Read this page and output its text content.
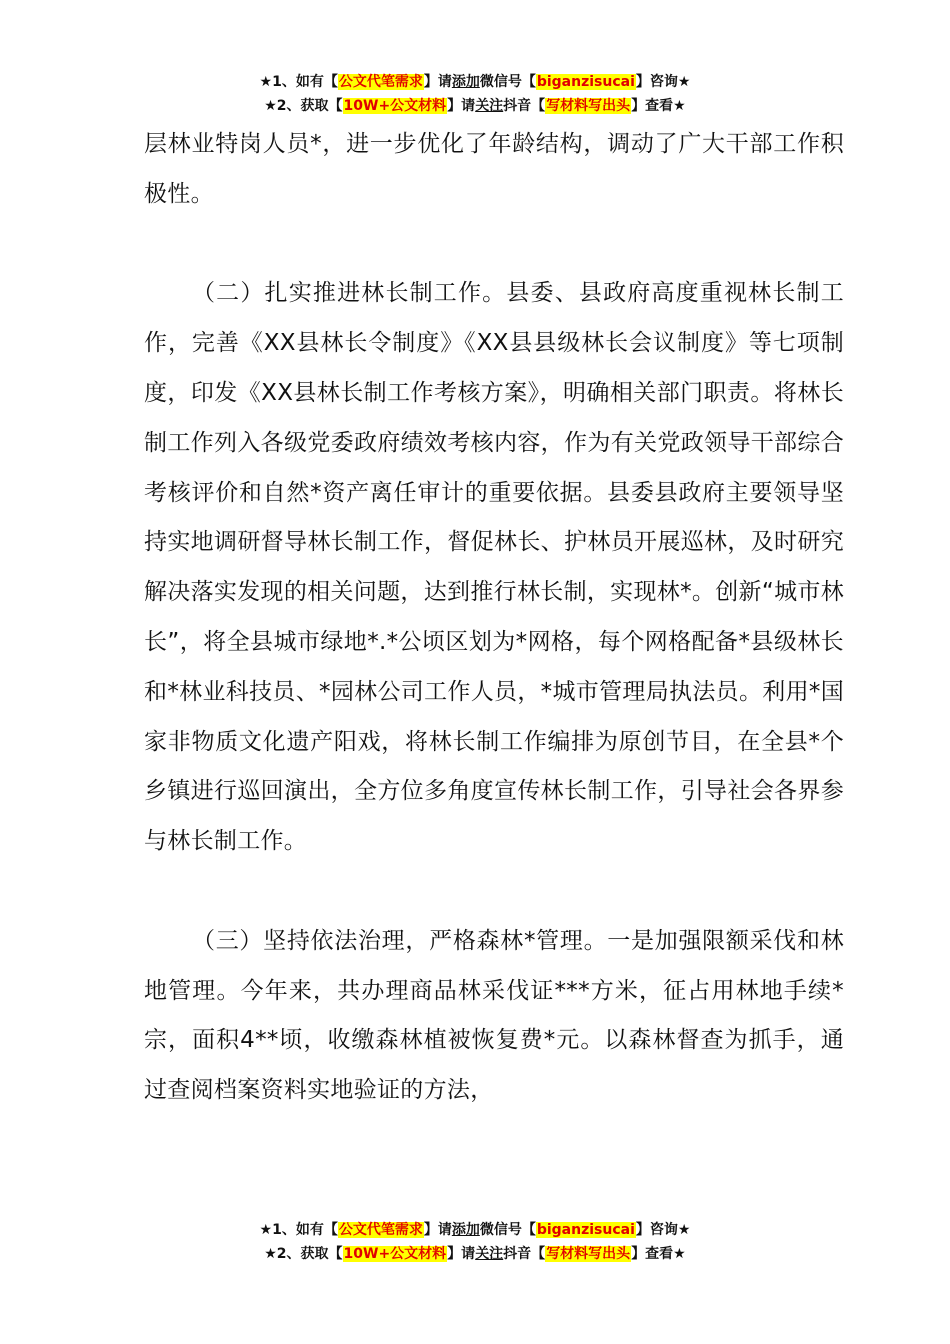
★1、如有【公文代笔需求】请添加微信号【biganzisucai】咨询★
★2、获取【10W+公文材料】请关注抖音【写材料写出头】查看★

层林业特岗人员*，进一步优化了年龄结构，调动了广大干部工作积极性。

（二）扎实推进林长制工作。县委、县政府高度重视林长制工作，完善《XX县林长令制度》《XX县县级林长会议制度》等七项制度，印发《XX县林长制工作考核方案》，明确相关部门职责。将林长制工作列入各级党委政府绩效考核内容，作为有关党政领导干部综合考核评价和自然*资产离任审计的重要依据。县委县政府主要领导坚持实地调研督导林长制工作，督促林长、护林员开展巡林，及时研究解决落实发现的相关问题，达到推行林长制，实现林*。创新“城市林长”，将全县城市绿地*.*公顷区划为*网格，每个网格配备*县级林长和*林业科技员、*园林公司工作人员，*城市管理局执法员。利用*国家非物质文化遗产阳戏，将林长制工作编排为原创节目，在全县*个乡镇进行巡回演出，全方位多角度宣传林长制工作，引导社会各界参与林长制工作。

（三）坚持依法治理，严格森林*管理。一是加强限额采伐和林地管理。今年来，共办理商品林采伐证***方米，征占用林地手续*宗，面积4**顷，收缴森林植被恢复费*元。以森林督查为抓手，通过查阅档案资料实地验证的方法，

★1、如有【公文代笔需求】请添加微信号【biganzisucai】咨询★
★2、获取【10W+公文材料】请关注抖音【写材料写出头】查看★
